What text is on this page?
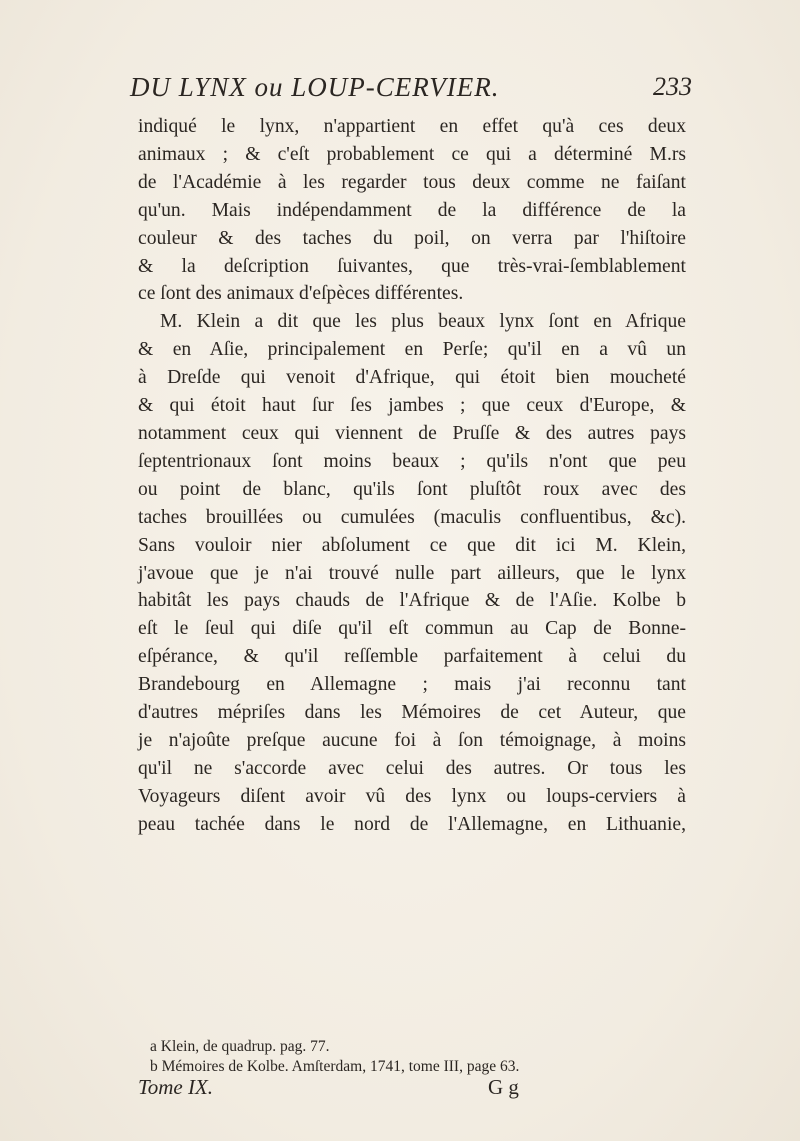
DU LYNX ou LOUP-CERVIER.	233
indiqué le lynx, n'appartient en effet qu'à ces deux
animaux ; & c'eſt probablement ce qui a déterminé M.rs
de l'Académie à les regarder tous deux comme ne faiſant
qu'un. Mais indépendamment de la différence de la
couleur & des taches du poil, on verra par l'hiſtoire
& la deſcription ſuivantes, que très-vrai-ſemblablement
ce ſont des animaux d'eſpèces différentes.
M. Klein a dit que les plus beaux lynx ſont en Afrique
& en Aſie, principalement en Perſe; qu'il en a vû un
à Dreſde qui venoit d'Afrique, qui étoit bien moucheté
& qui étoit haut ſur ſes jambes ; que ceux d'Europe, &
notamment ceux qui viennent de Pruſſe & des autres pays
ſeptentrionaux ſont moins beaux ; qu'ils n'ont que peu
ou point de blanc, qu'ils ſont pluſtôt roux avec des
taches brouillées ou cumulées (maculis confluentibus, &c).
Sans vouloir nier abſolument ce que dit ici M. Klein,
j'avoue que je n'ai trouvé nulle part ailleurs, que le lynx
habitât les pays chauds de l'Afrique & de l'Aſie. Kolbe b
eſt le ſeul qui diſe qu'il eſt commun au Cap de Bonne-
eſpérance, & qu'il reſſemble parfaitement à celui du
Brandebourg en Allemagne ; mais j'ai reconnu tant
d'autres mépriſes dans les Mémoires de cet Auteur, que
je n'ajoûte preſque aucune foi à ſon témoignage, à moins
qu'il ne s'accorde avec celui des autres. Or tous les
Voyageurs diſent avoir vû des lynx ou loups-cerviers à
peau tachée dans le nord de l'Allemagne, en Lithuanie,
a Klein, de quadrup. pag. 77.
b Mémoires de Kolbe. Amſterdam, 1741, tome III, page 63.
Tome IX.	G g
